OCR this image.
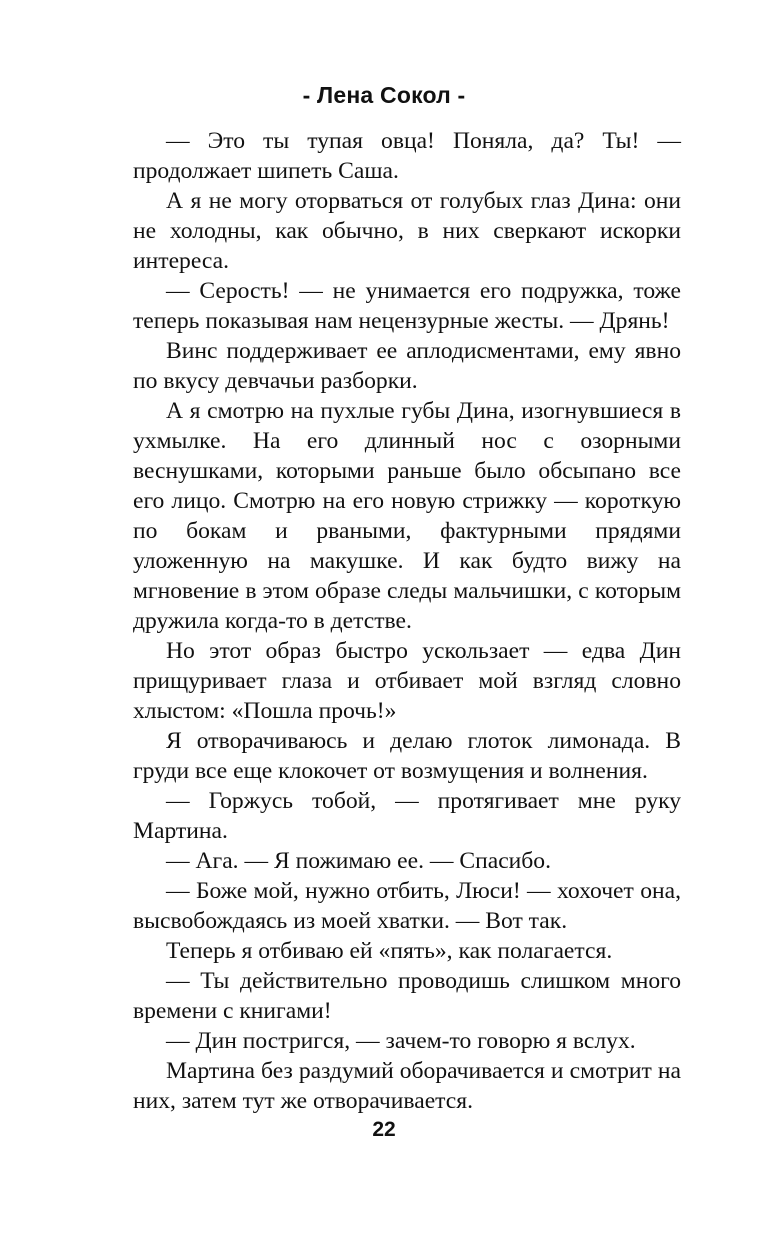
- Лена Сокол -

— Это ты тупая овца! Поняла, да? Ты! — продолжает шипеть Саша.

А я не могу оторваться от голубых глаз Дина: они не холодны, как обычно, в них сверкают искорки интереса.

— Серость! — не унимается его подружка, тоже теперь показывая нам нецензурные жесты. — Дрянь!

Винс поддерживает ее аплодисментами, ему явно по вкусу девчачьи разборки.

А я смотрю на пухлые губы Дина, изогнувшиеся в ухмылке. На его длинный нос с озорными веснушками, которыми раньше было обсыпано все его лицо. Смотрю на его новую стрижку — короткую по бокам и рваными, фактурными прядями уложенную на макушке. И как будто вижу на мгновение в этом образе следы мальчишки, с которым дружила когда-то в детстве.

Но этот образ быстро ускользает — едва Дин прищуривает глаза и отбивает мой взгляд словно хлыстом: «Пошла прочь!»

Я отворачиваюсь и делаю глоток лимонада. В груди все еще клокочет от возмущения и волнения.

— Горжусь тобой, — протягивает мне руку Мартина.

— Ага. — Я пожимаю ее. — Спасибо.

— Боже мой, нужно отбить, Люси! — хохочет она, высвобождаясь из моей хватки. — Вот так.

Теперь я отбиваю ей «пять», как полагается.

— Ты действительно проводишь слишком много времени с книгами!

— Дин постригся, — зачем-то говорю я вслух.

Мартина без раздумий оборачивается и смотрит на них, затем тут же отворачивается.

22
